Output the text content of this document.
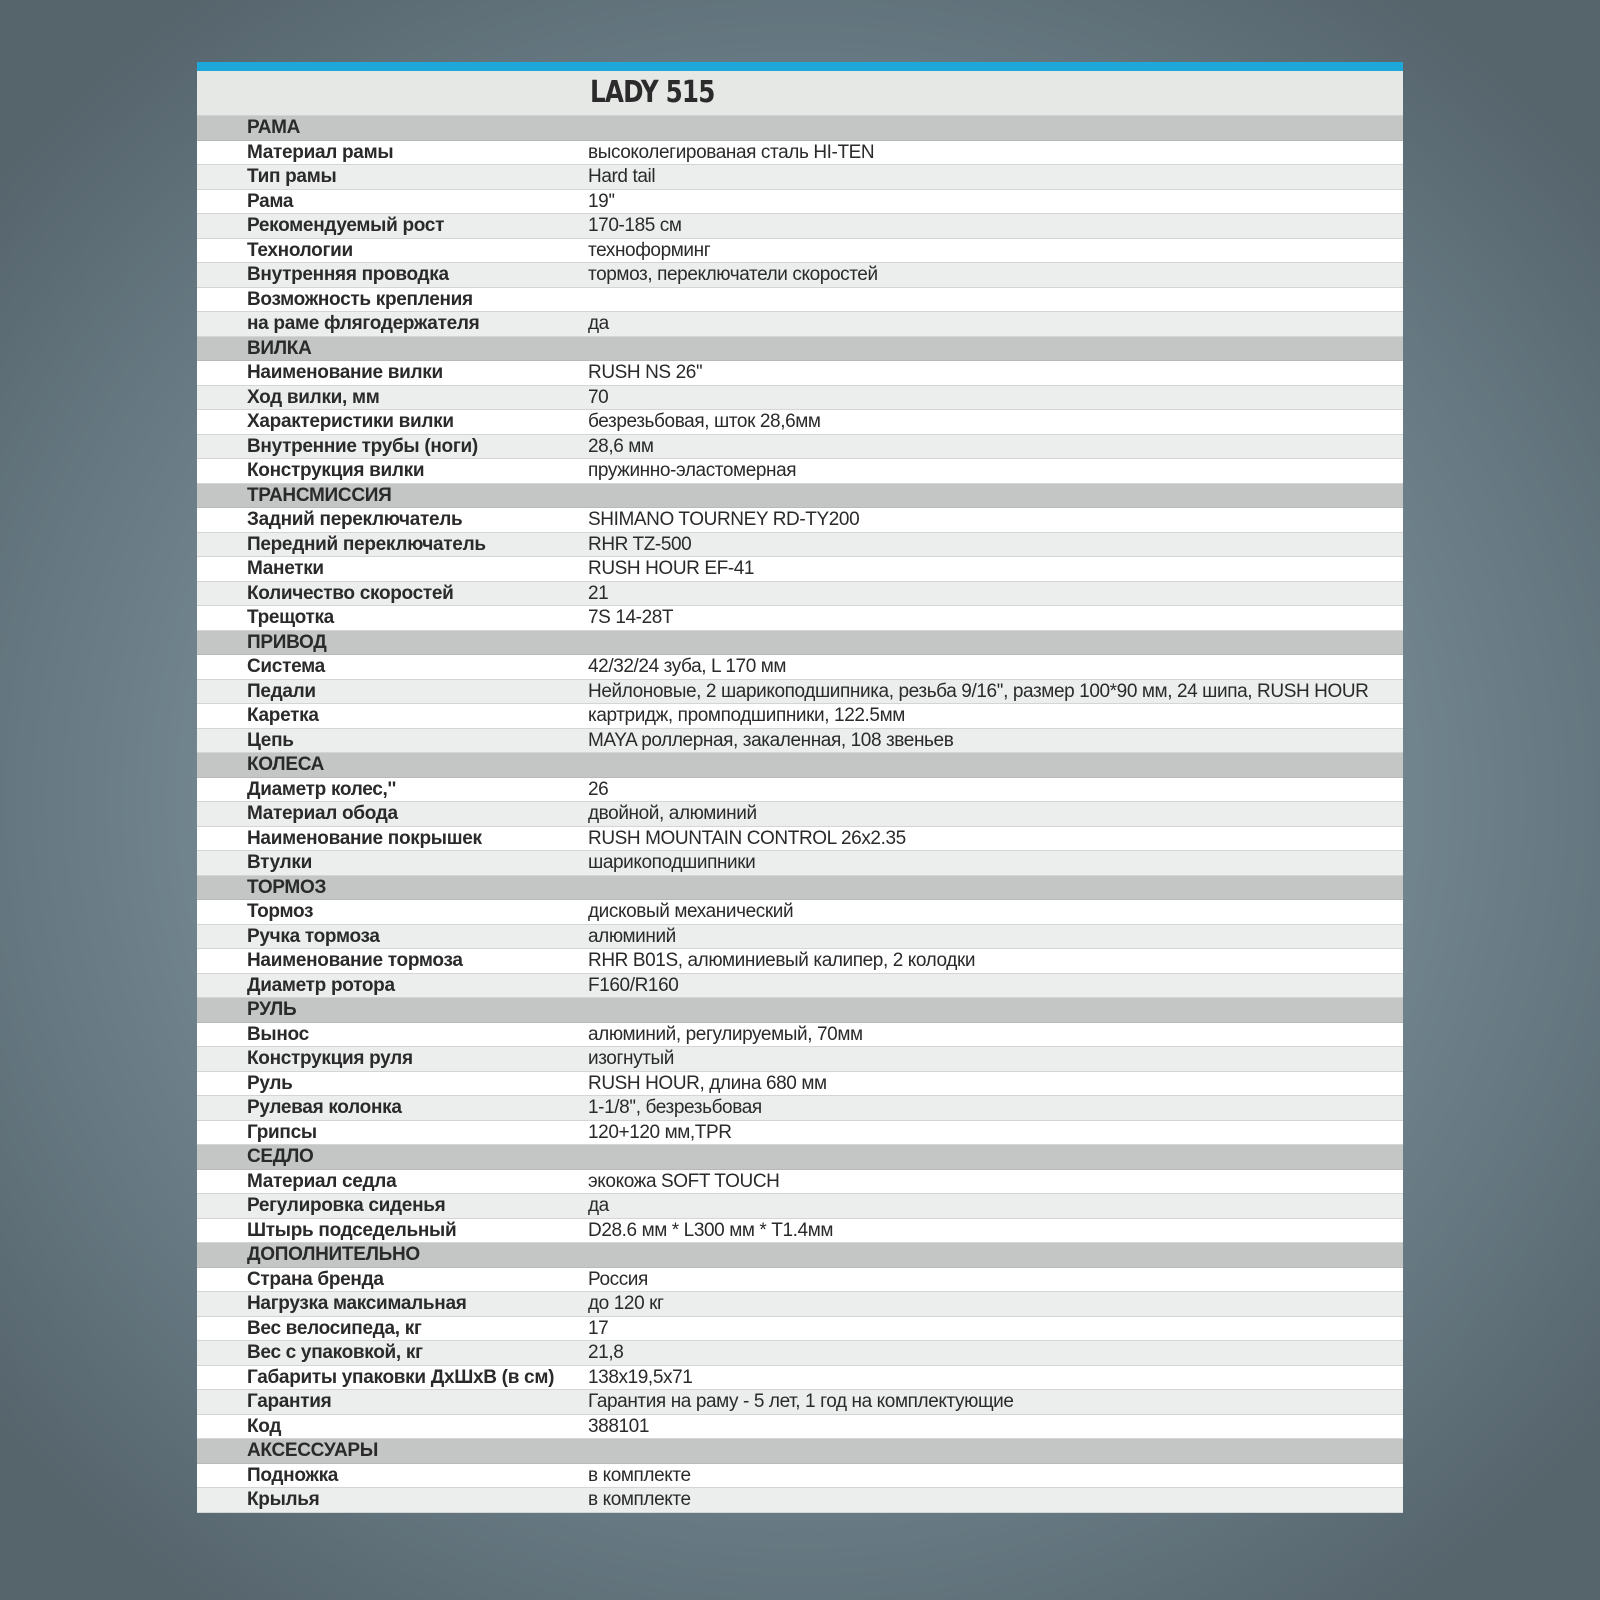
LADY 515
РАМА
Материал рамы	высоколегированая сталь HI-TEN
Тип рамы	Hard tail
Рама	19''
Рекомендуемый рост	170-185 см
Технологии	техноформинг
Внутренняя проводка	тормоз, переключатели скоростей
Возможность крепления
на раме флягодержателя	да
ВИЛКА
Наименование вилки	RUSH NS 26''
Ход вилки, мм	70
Характеристики вилки	безрезьбовая, шток 28,6мм
Внутренние трубы (ноги)	28,6 мм
Конструкция вилки	пружинно-эластомерная
ТРАНСМИССИЯ
Задний переключатель	SHIMANO TOURNEY RD-TY200
Передний переключатель	RHR TZ-500
Манетки	RUSH HOUR EF-41
Количество скоростей	21
Трещотка	7S 14-28T
ПРИВОД
Система	42/32/24 зуба, L 170 мм
Педали	Нейлоновые, 2 шарикоподшипника, резьба 9/16'', размер 100*90 мм, 24 шипа, RUSH HOUR
Каретка	картридж, промподшипники, 122.5мм
Цепь	MAYA роллерная, закаленная, 108 звеньев
КОЛЕСА
Диаметр колес,''	26
Материал обода	двойной, алюминий
Наименование покрышек	RUSH MOUNTAIN CONTROL 26x2.35
Втулки	шарикоподшипники
ТОРМОЗ
Тормоз	дисковый механический
Ручка тормоза	алюминий
Наименование тормоза	RHR B01S, алюминиевый калипер, 2 колодки
Диаметр ротора	F160/R160
РУЛЬ
Вынос	алюминий, регулируемый, 70мм
Конструкция руля	изогнутый
Руль	RUSH HOUR, длина 680 мм
Рулевая колонка	1-1/8'', безрезьбовая
Грипсы	120+120 мм,TPR
СЕДЛО
Материал седла	экокожа SOFT TOUCH
Регулировка сиденья	да
Штырь подседельный	D28.6 мм * L300 мм * T1.4мм
ДОПОЛНИТЕЛЬНО
Страна бренда	Россия
Нагрузка максимальная	до 120 кг
Вес велосипеда, кг	17
Вес с упаковкой, кг	21,8
Габариты упаковки ДхШхВ (в см)	138x19,5x71
Гарантия	Гарантия на раму - 5 лет, 1 год на комплектующие
Код	388101
АКСЕССУАРЫ
Подножка	в комплекте
Крылья	в комплекте
